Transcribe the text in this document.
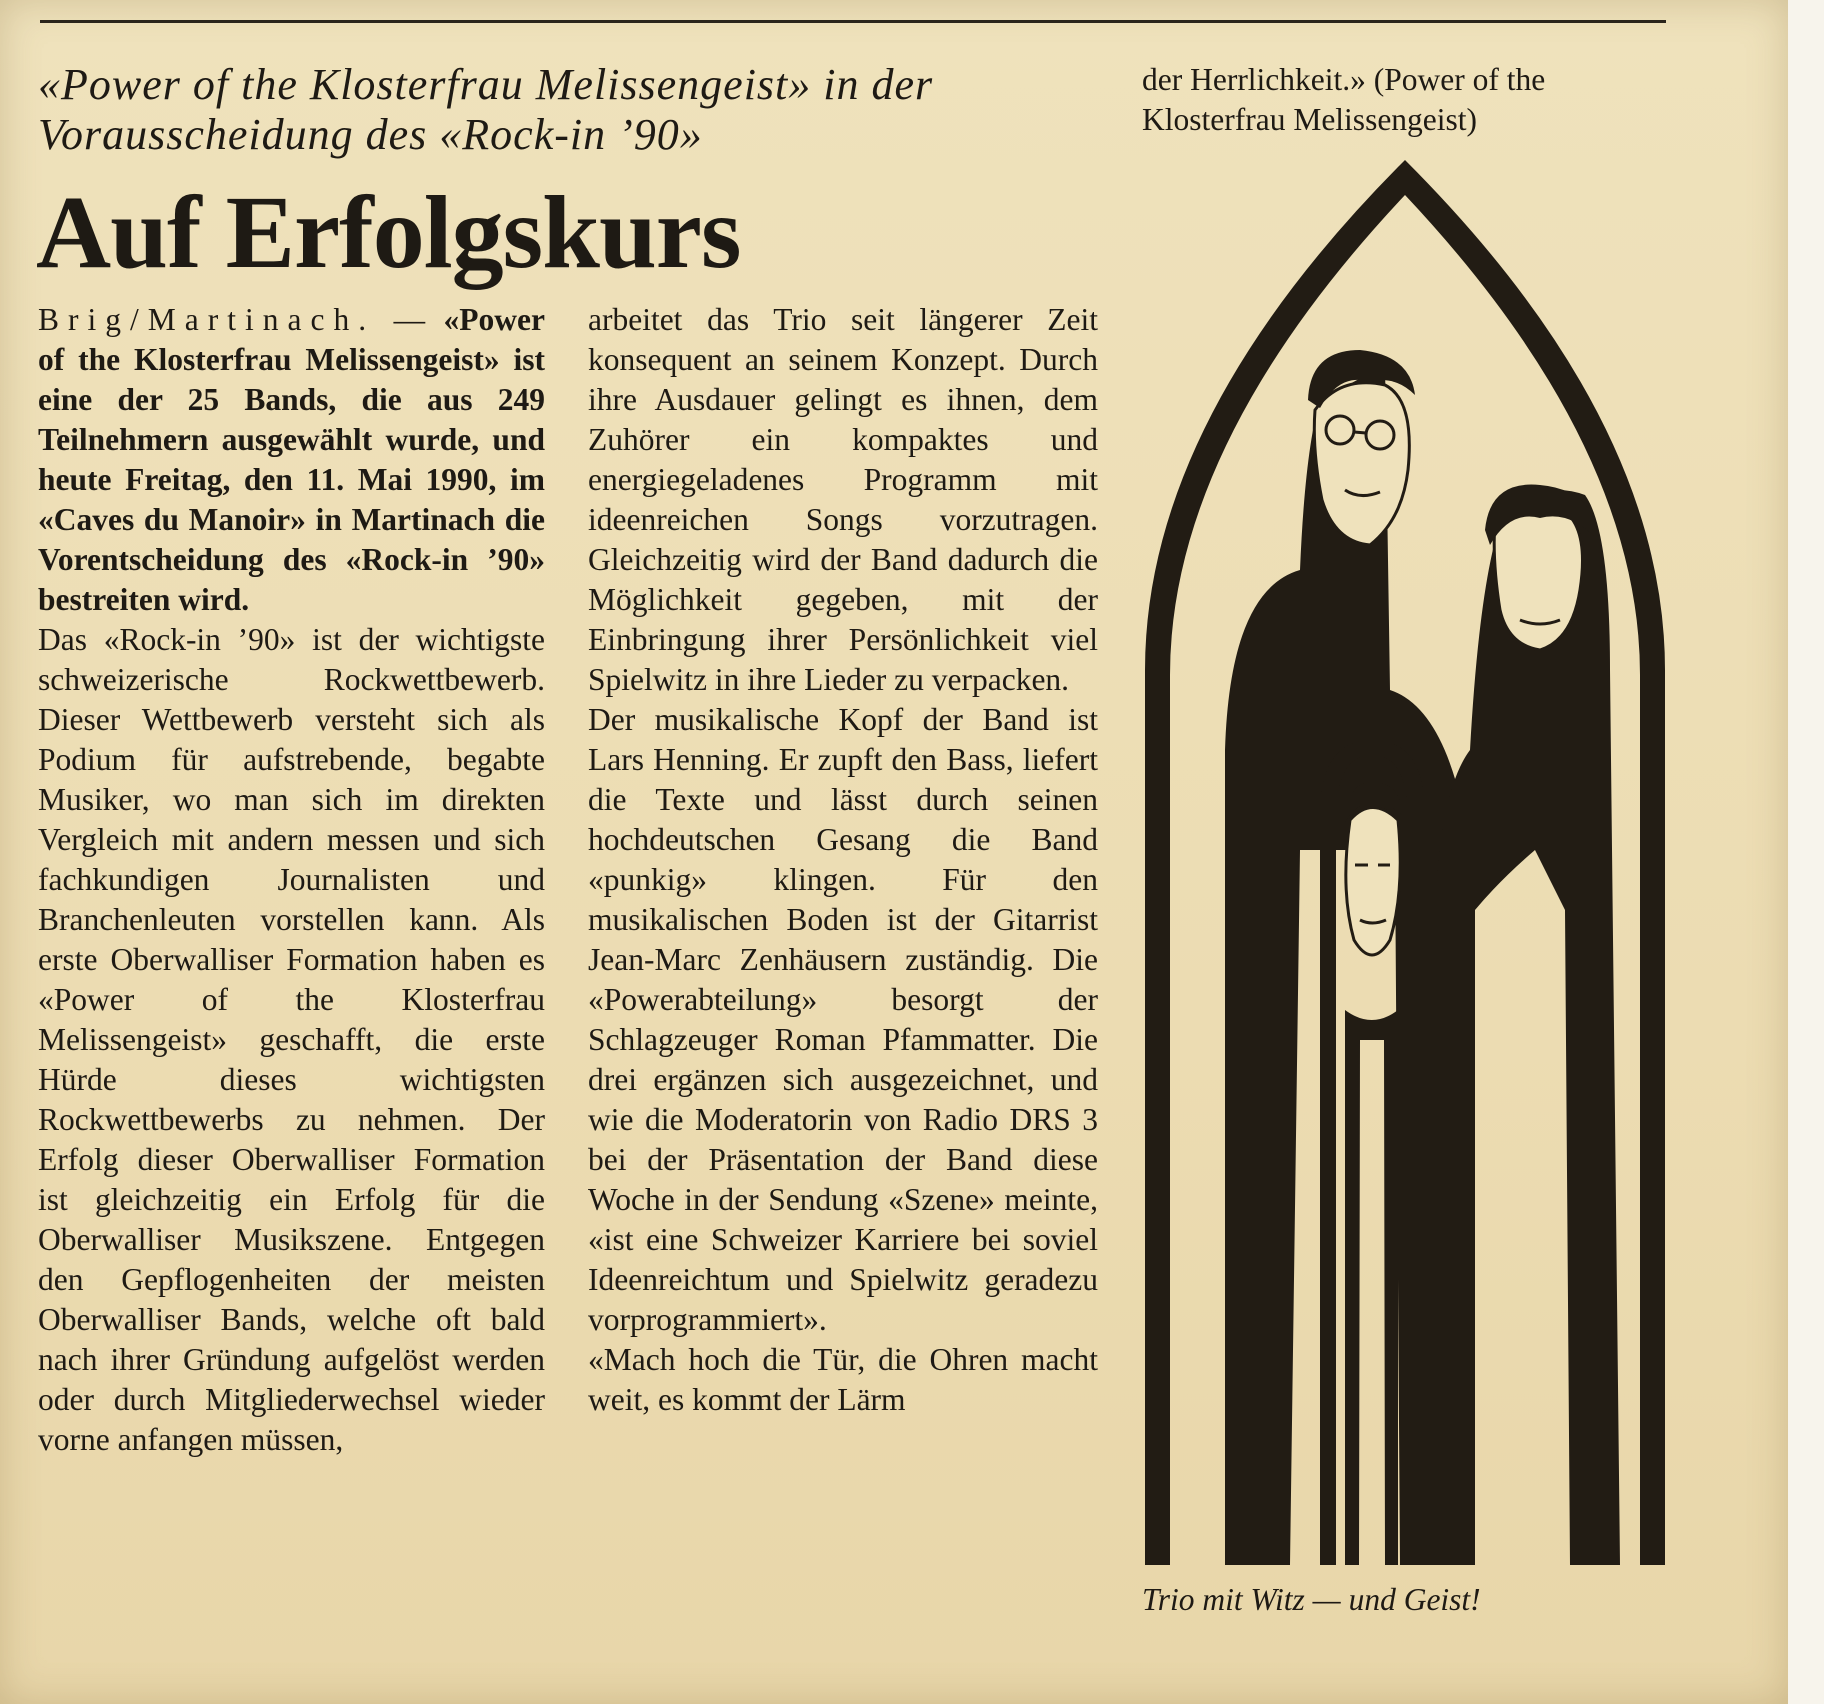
«Power of the Klosterfrau Melissengeist» in der
Vorausscheidung des «Rock-in ’90»
Auf Erfolgskurs

Brig/Martinach. — «Power of the Klosterfrau Melissengeist» ist eine der 25 Bands, die aus 249 Teilnehmern ausgewählt wurde, und heute Freitag, den 11. Mai 1990, im «Caves du Manoir» in Martinach die Vorentscheidung des «Rock-in ’90» bestreiten wird.

Das «Rock-in ’90» ist der wichtigste schweizerische Rockwettbewerb. Dieser Wettbewerb versteht sich als Podium für aufstrebende, begabte Musiker, wo man sich im direkten Vergleich mit andern messen und sich fachkundigen Journalisten und Branchenleuten vorstellen kann. Als erste Oberwalliser Formation haben es «Power of the Klosterfrau Melissengeist» geschafft, die erste Hürde dieses wichtigsten Rockwettbewerbs zu nehmen. Der Erfolg dieser Oberwalliser Formation ist gleichzeitig ein Erfolg für die Oberwalliser Musikszene. Entgegen den Gepflogenheiten der meisten Oberwalliser Bands, welche oft bald nach ihrer Gründung aufgelöst werden oder durch Mitgliederwechsel wieder vorne anfangen müssen,

arbeitet das Trio seit längerer Zeit konsequent an seinem Konzept. Durch ihre Ausdauer gelingt es ihnen, dem Zuhörer ein kompaktes und energiegeladenes Programm mit ideenreichen Songs vorzutragen. Gleichzeitig wird der Band dadurch die Möglichkeit gegeben, mit der Einbringung ihrer Persönlichkeit viel Spielwitz in ihre Lieder zu verpacken.

Der musikalische Kopf der Band ist Lars Henning. Er zupft den Bass, liefert die Texte und lässt durch seinen hochdeutschen Gesang die Band «punkig» klingen. Für den musikalischen Boden ist der Gitarrist Jean-Marc Zenhäusern zuständig. Die «Powerabteilung» besorgt der Schlagzeuger Roman Pfammatter. Die drei ergänzen sich ausgezeichnet, und wie die Moderatorin von Radio DRS 3 bei der Präsentation der Band diese Woche in der Sendung «Szene» meinte, «ist eine Schweizer Karriere bei soviel Ideenreichtum und Spielwitz geradezu vorprogrammiert».

«Mach hoch die Tür, die Ohren macht weit, es kommt der Lärm

der Herrlichkeit.» (Power of the Klosterfrau Melissengeist)
Trio mit Witz — und Geist!
